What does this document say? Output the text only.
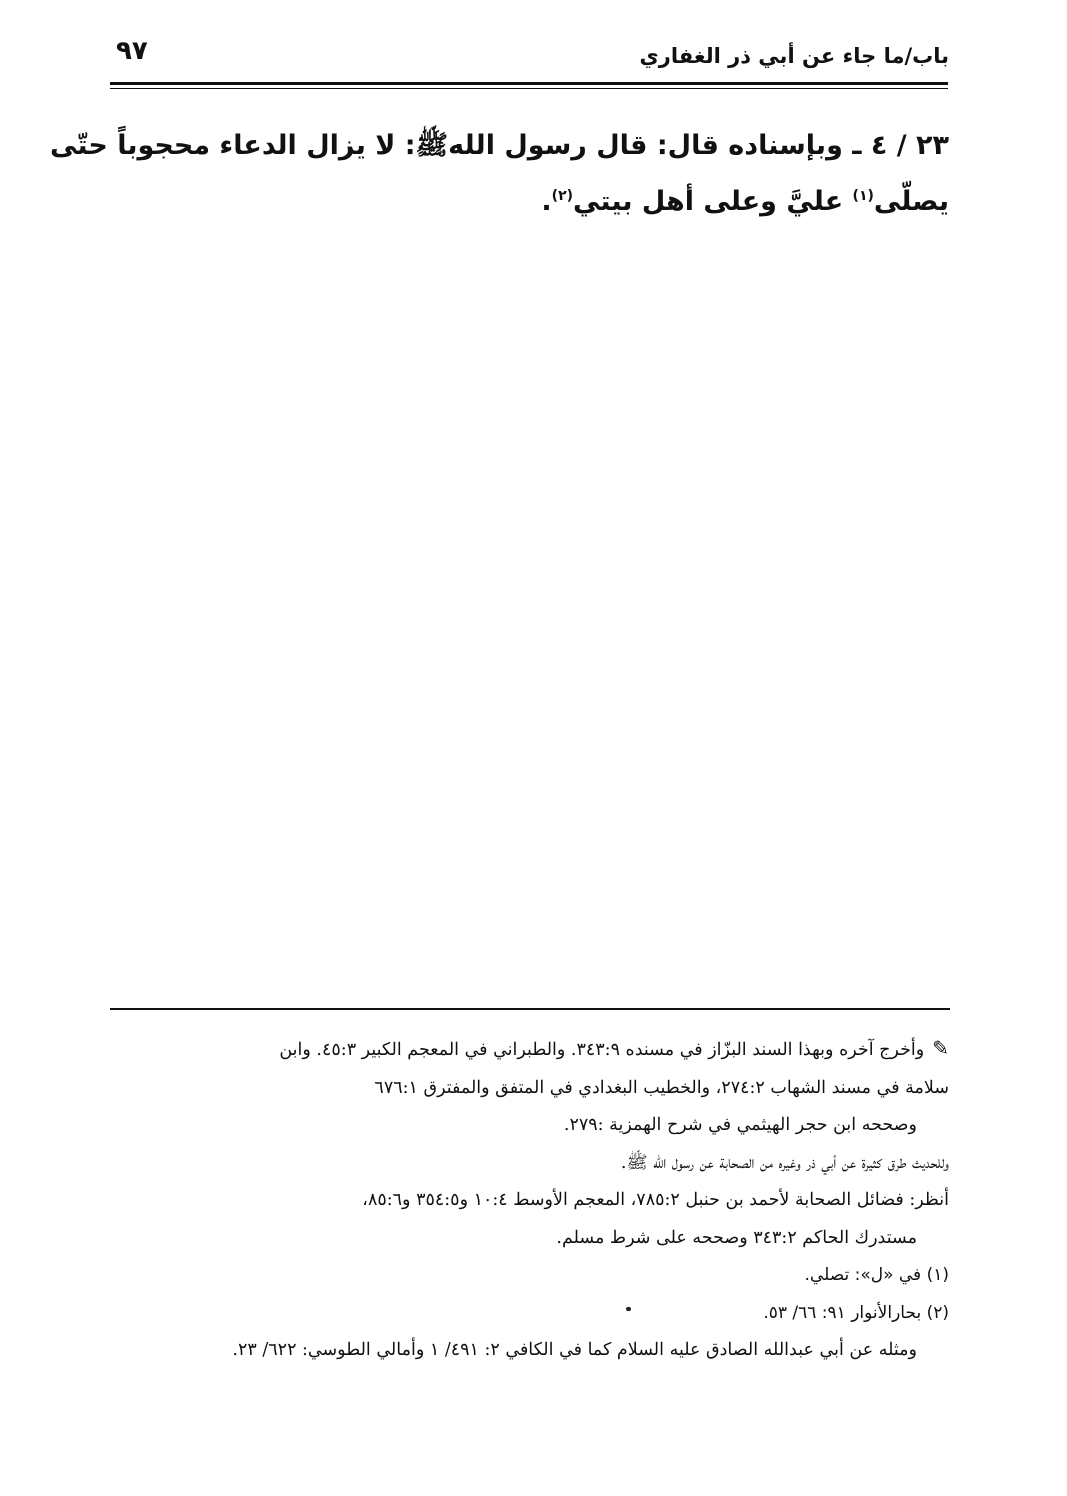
باب/ما جاء عن أبي ذر الغفاري
٩٧
٢٣ / ٤ ـ وبإسناده قال: قال رسول اللهﷺ: لا يزال الدعاء محجوباً حتّى
يصلّى$^{(١)}$ عليَّ وعلى أهل بيتي$^{(٢)}$.
✎وأخرج آخره وبهذا السند البزّاز في مسنده ٣٤٣:٩. والطبراني في المعجم الكبير ٤٥:٣. وابن
سلامة في مسند الشهاب ٢٧٤:٢، والخطيب البغدادي في المتفق والمفترق ٦٧٦:١
وصححه ابن حجر الهيثمي في شرح الهمزية :٢٧٩.
وللحديث طرق كثيرة عن أبي ذر وغيره من الصحابة عن رسول الله ﷺ.
أنظر: فضائل الصحابة لأحمد بن حنبل ٧٨٥:٢، المعجم الأوسط ١٠:٤ و٣٥٤:٥ و٨٥:٦،
مستدرك الحاكم ٣٤٣:٢ وصححه على شرط مسلم.
(١) في «ل»: تصلي.
(٢) بحارالأنوار ٩١: ٦٦/ ٥٣.
ومثله عن أبي عبدالله الصادق عليه السلام كما في الكافي ٢: ٤٩١/ ١ وأمالي الطوسي: ٦٢٢/ ٢٣.
